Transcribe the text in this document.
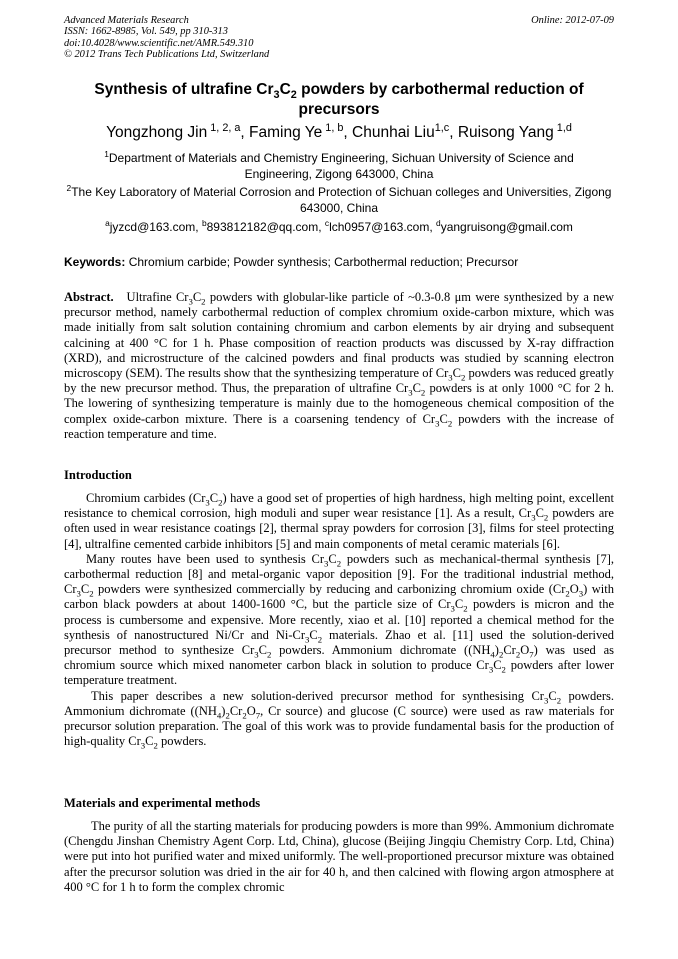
Advanced Materials Research
ISSN: 1662-8985, Vol. 549, pp 310-313
doi:10.4028/www.scientific.net/AMR.549.310
© 2012 Trans Tech Publications Ltd, Switzerland
Online: 2012-07-09
Synthesis of ultrafine $Cr_3C_2$ powders by carbothermal reduction of precursors
Yongzhong Jin $^{1, 2, a}$, Faming Ye $^{1, b}$, Chunhai Liu$^{1,c}$, Ruisong Yang $^{1,d}$
$^1$Department of Materials and Chemistry Engineering, Sichuan University of Science and Engineering, Zigong 643000, China
$^2$The Key Laboratory of Material Corrosion and Protection of Sichuan colleges and Universities, Zigong 643000, China
$^a$jyzcd@163.com, $^b$893812182@qq.com, $^c$lch0957@163.com, $^d$yangruisong@gmail.com
Keywords: Chromium carbide; Powder synthesis; Carbothermal reduction; Precursor

Abstract.   Ultrafine $Cr_3C_2$ powders with globular-like particle of ~0.3-0.8 μm were synthesized by a new precursor method, namely carbothermal reduction of complex chromium oxide-carbon mixture, which was made initially from salt solution containing chromium and carbon elements by air drying and subsequent calcining at 400 °C for 1 h. Phase composition of reaction products was discussed by X-ray diffraction (XRD), and microstructure of the calcined powders and final products was studied by scanning electron microscopy (SEM). The results show that the synthesizing temperature of $Cr_3C_2$ powders was reduced greatly by the new precursor method. Thus, the preparation of ultrafine $Cr_3C_2$ powders is at only 1000 °C for 2 h. The lowering of synthesizing temperature is mainly due to the homogeneous chemical composition of the complex oxide-carbon mixture. There is a coarsening tendency of $Cr_3C_2$ powders with the increase of reaction temperature and time.

Introduction

Chromium carbides $(Cr_3C_2)$ have a good set of properties of high hardness, high melting point, excellent resistance to chemical corrosion, high moduli and super wear resistance [1]. As a result, $Cr_3C_2$ powders are often used in wear resistance coatings [2], thermal spray powders for corrosion [3], films for steel protecting [4], ultralfine cemented carbide inhibitors [5] and main components of metal ceramic materials [6].

Many routes have been used to synthesis $Cr_3C_2$ powders such as mechanical-thermal synthesis [7], carbothermal reduction [8] and metal-organic vapor deposition [9]. For the traditional industrial method, $Cr_3C_2$ powders were synthesized commercially by reducing and carbonizing chromium oxide $(Cr_2O_3)$ with carbon black powders at about 1400-1600 °C, but the particle size of $Cr_3C_2$ powders is micron and the process is cumbersome and expensive. More recently, xiao et al. [10] reported a chemical method for the synthesis of nanostructured Ni/Cr and $Ni-Cr_3C_2$ materials. Zhao et al. [11] used the solution-derived precursor method to synthesize $Cr_3C_2$ powders. Ammonium dichromate $((NH_4)_2Cr_2O_7)$ was used as chromium source which mixed nanometer carbon black in solution to produce $Cr_3C_2$ powders after lower temperature treatment.

This paper describes a new solution-derived precursor method for synthesising $Cr_3C_2$ powders. Ammonium dichromate ($(NH_4)_2Cr_2O_7$, Cr source) and glucose (C source) were used as raw materials for precursor solution preparation. The goal of this work was to provide fundamental basis for the production of high-quality $Cr_3C_2$ powders.

Materials and experimental methods

The purity of all the starting materials for producing powders is more than 99%. Ammonium dichromate (Chengdu Jinshan Chemistry Agent Corp. Ltd, China), glucose (Beijing Jingqiu Chemistry Corp. Ltd, China) were put into hot purified water and mixed uniformly. The well-proportioned precursor mixture was obtained after the precursor solution was dried in the air for 40 h, and then calcined with flowing argon atmosphere at 400 °C for 1 h to form the complex chromic
